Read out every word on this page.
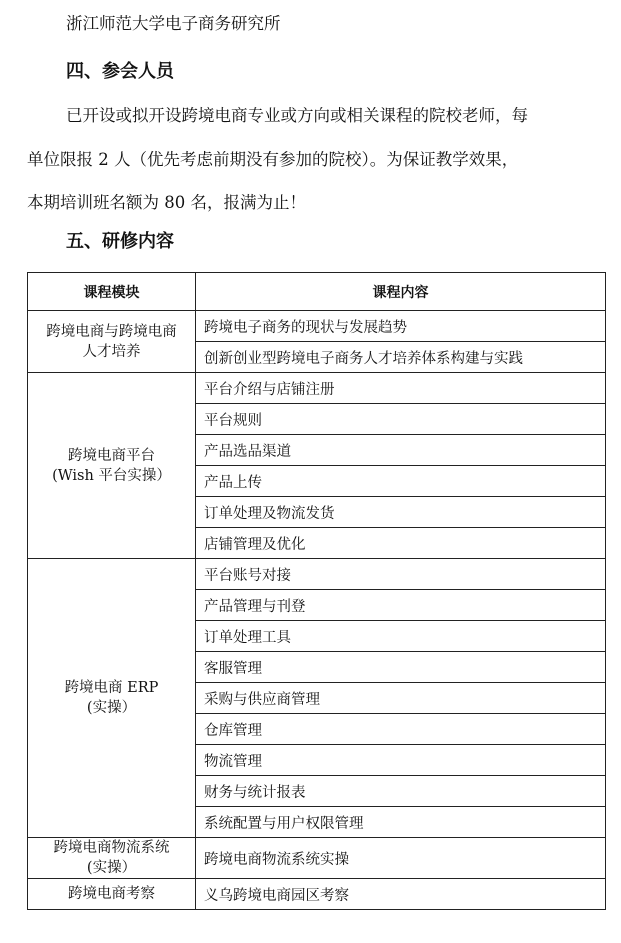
浙江师范大学电子商务研究所
四、参会人员
已开设或拟开设跨境电商专业或方向或相关课程的院校老师，每
单位限报 2 人（优先考虑前期没有参加的院校）。为保证教学效果，
本期培训班名额为 80 名，报满为止！
五、研修内容
课程模块	课程内容

跨境电商与跨境电商
人才培养	跨境电子商务的现状与发展趋势
	创新创业型跨境电子商务人才培养体系构建与实践

跨境电商平台
(Wish 平台实操）	平台介绍与店铺注册
	平台规则
	产品选品渠道
	产品上传
	订单处理及物流发货
	店铺管理及优化

跨境电商 ERP
(实操）	平台账号对接
	产品管理与刊登
	订单处理工具
	客服管理
	采购与供应商管理
	仓库管理
	物流管理
	财务与统计报表
	系统配置与用户权限管理

跨境电商物流系统
(实操）	跨境电商物流系统实操

跨境电商考察	义乌跨境电商园区考察
